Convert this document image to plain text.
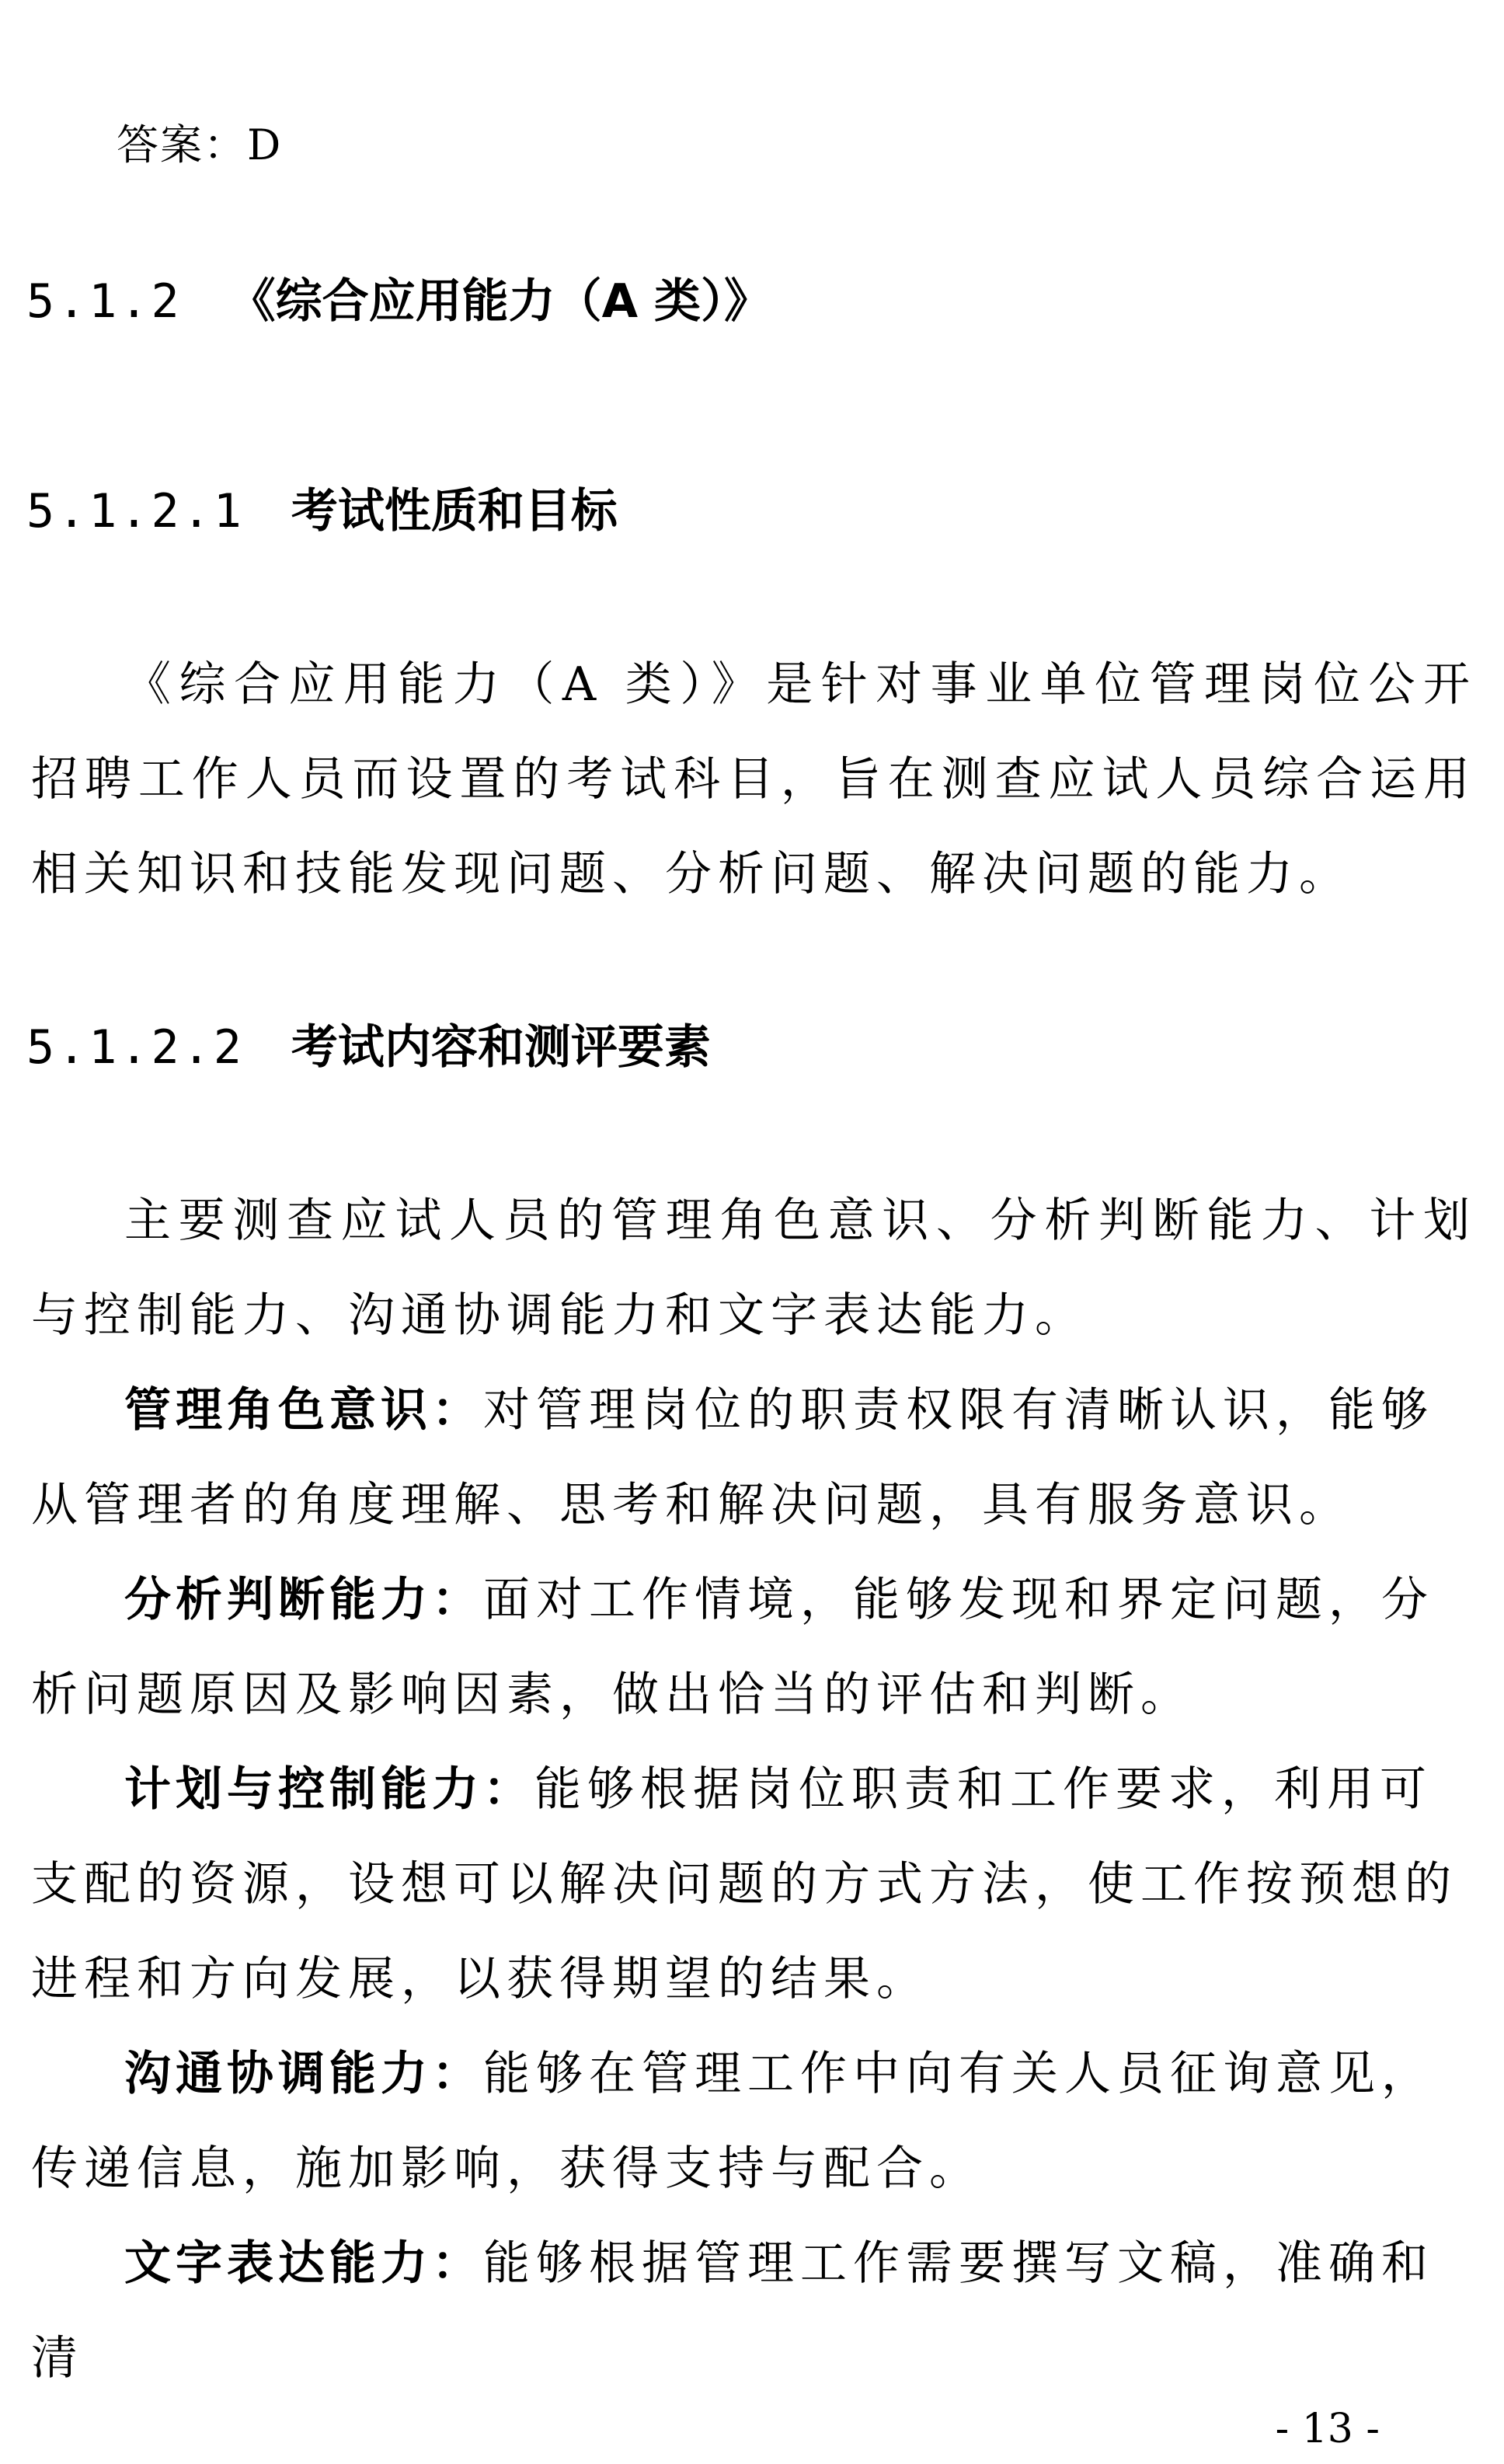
答案：D
5.1.2 《综合应用能力（A 类）》
5.1.2.1 考试性质和目标
《综合应用能力（A 类）》是针对事业单位管理岗位公开招聘工作人员而设置的考试科目，旨在测查应试人员综合运用相关知识和技能发现问题、分析问题、解决问题的能力。
5.1.2.2 考试内容和测评要素
主要测查应试人员的管理角色意识、分析判断能力、计划与控制能力、沟通协调能力和文字表达能力。
管理角色意识：对管理岗位的职责权限有清晰认识，能够从管理者的角度理解、思考和解决问题，具有服务意识。
分析判断能力：面对工作情境，能够发现和界定问题，分析问题原因及影响因素，做出恰当的评估和判断。
计划与控制能力：能够根据岗位职责和工作要求，利用可支配的资源，设想可以解决问题的方式方法，使工作按预想的进程和方向发展，以获得期望的结果。
沟通协调能力：能够在管理工作中向有关人员征询意见，传递信息，施加影响，获得支持与配合。
文字表达能力：能够根据管理工作需要撰写文稿，准确和清
- 13 -
